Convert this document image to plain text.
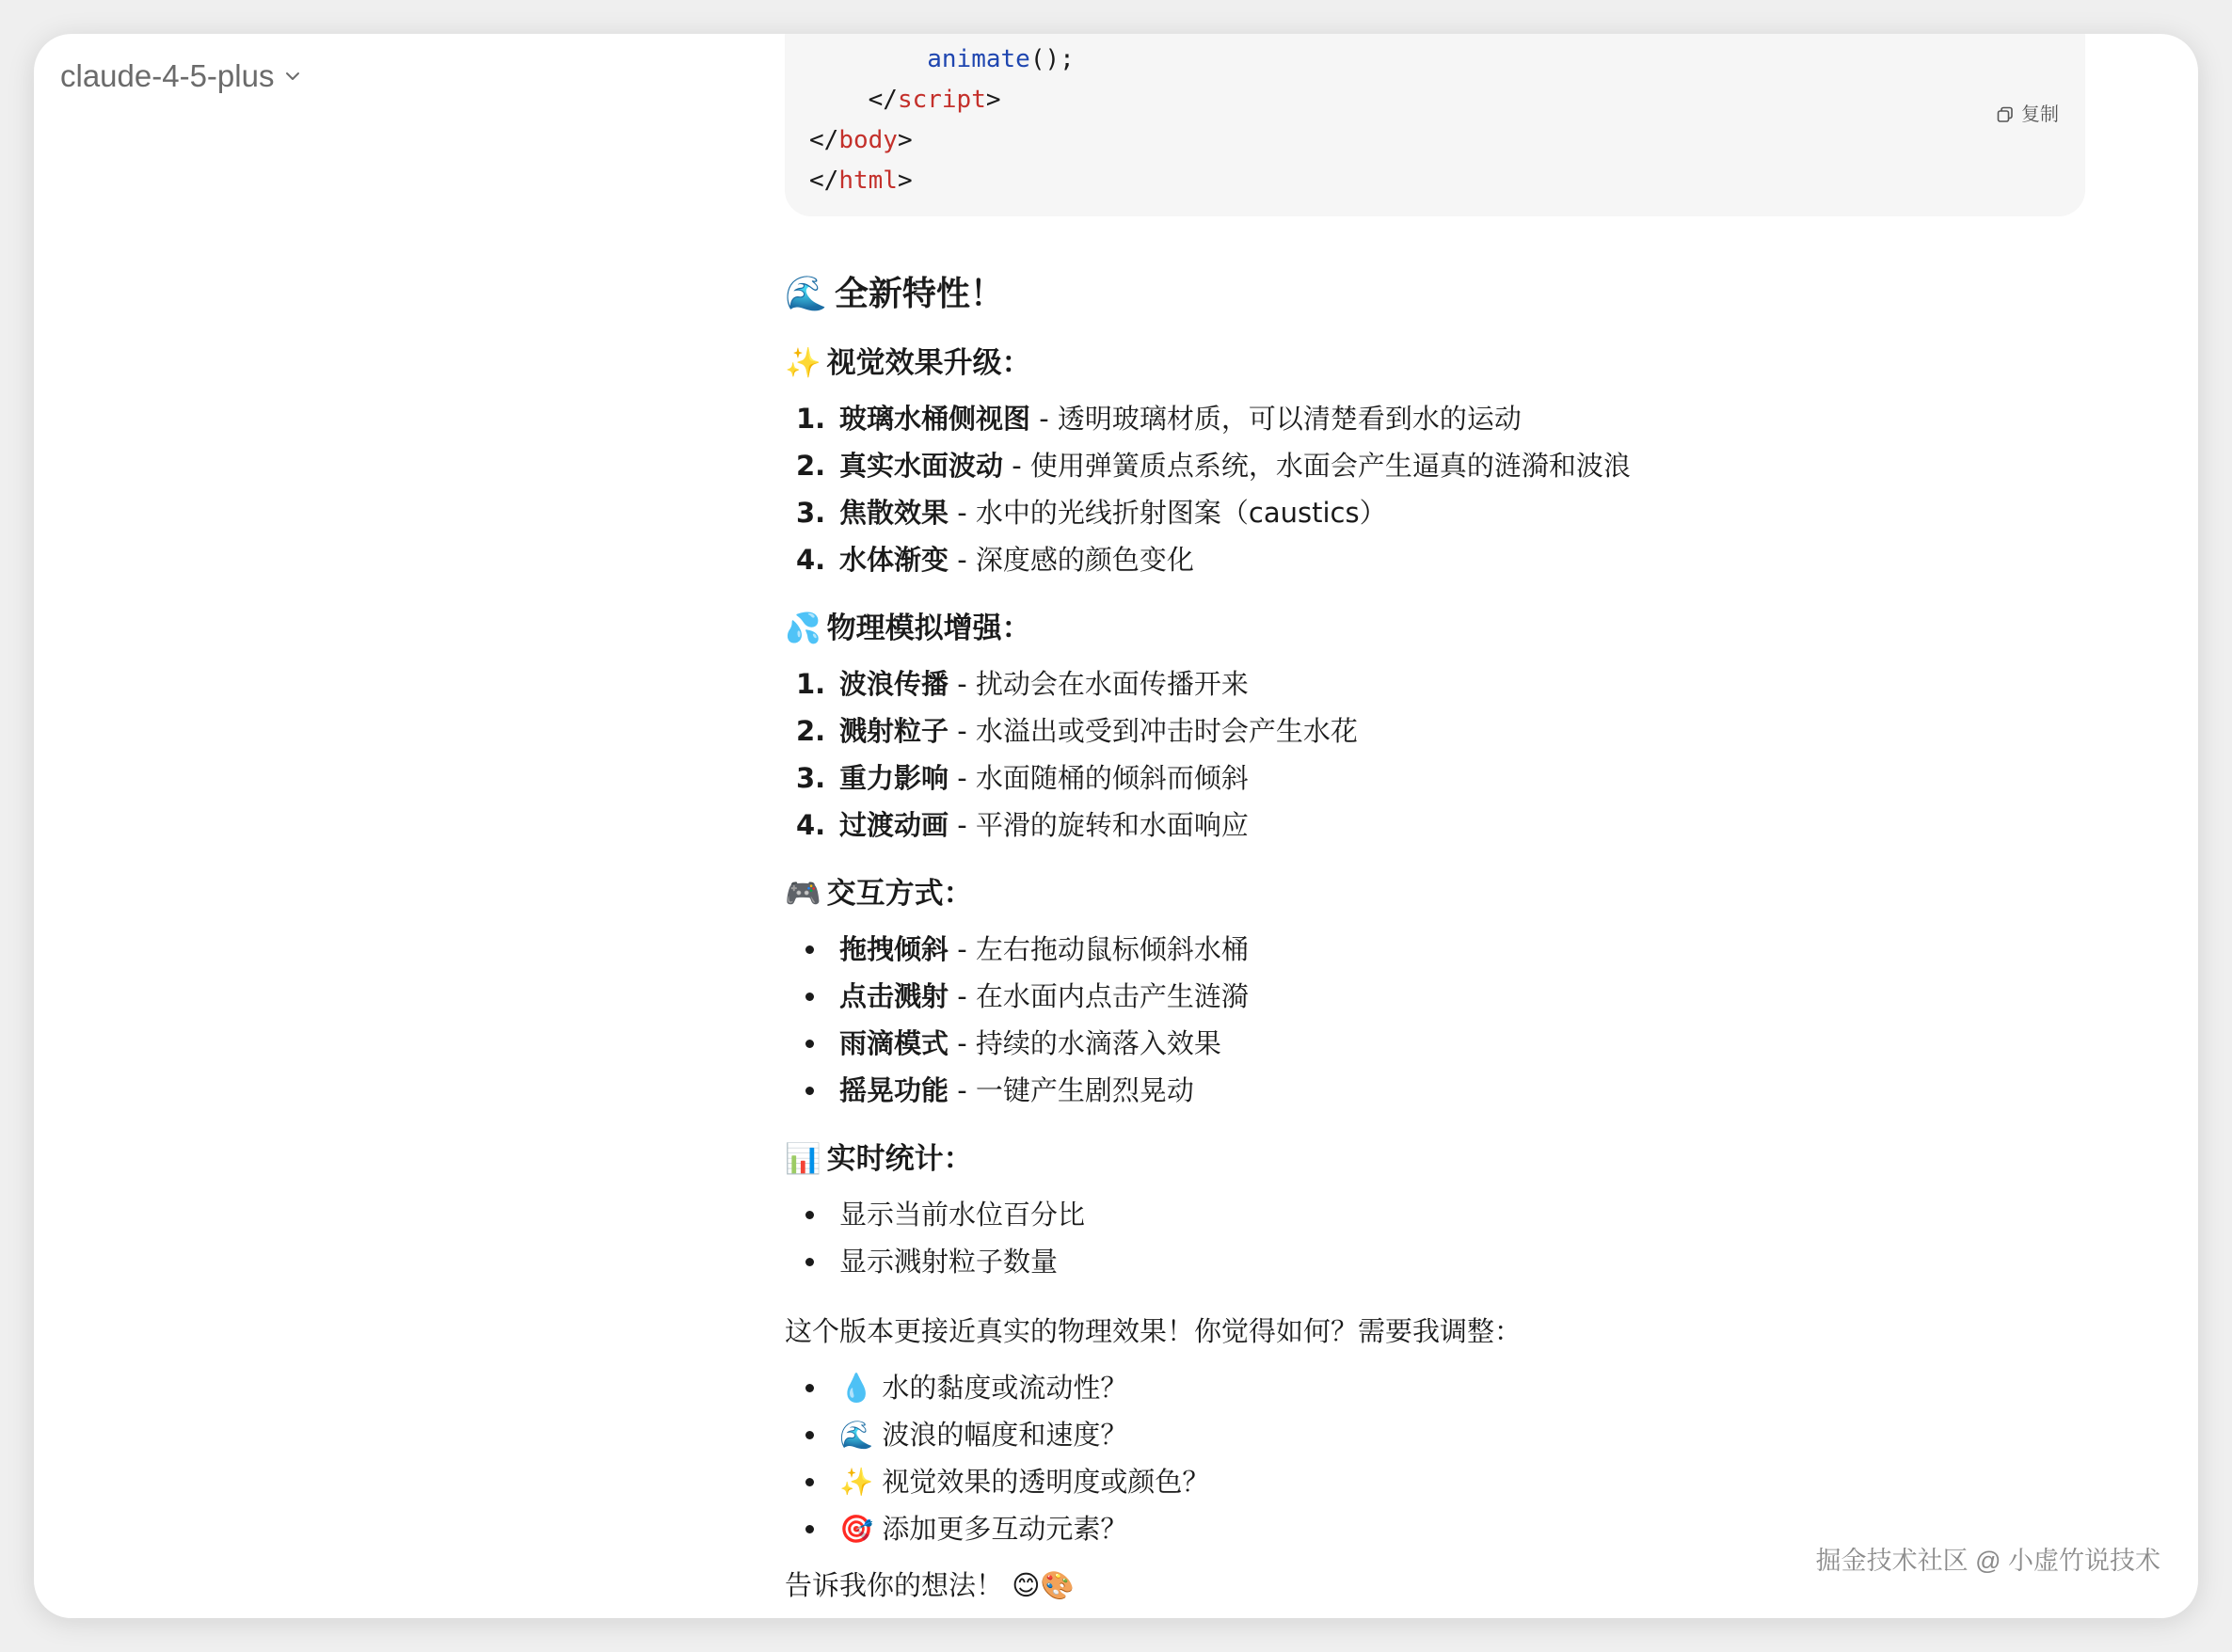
claude-4-5-plus	animate();
</script>
</body>
</html>
复制
🌊 全新特性！
✨ 视觉效果升级：
1. 玻璃水桶侧视图 - 透明玻璃材质，可以清楚看到水的运动
2. 真实水面波动 - 使用弹簧质点系统，水面会产生逼真的涟漪和波浪
3. 焦散效果 - 水中的光线折射图案（caustics）
4. 水体渐变 - 深度感的颜色变化
💦 物理模拟增强：
1. 波浪传播 - 扰动会在水面传播开来
2. 溅射粒子 - 水溢出或受到冲击时会产生水花
3. 重力影响 - 水面随桶的倾斜而倾斜
4. 过渡动画 - 平滑的旋转和水面响应
🎮 交互方式：
拖拽倾斜 - 左右拖动鼠标倾斜水桶
点击溅射 - 在水面内点击产生涟漪
雨滴模式 - 持续的水滴落入效果
摇晃功能 - 一键产生剧烈晃动
📊 实时统计：
显示当前水位百分比
显示溅射粒子数量
这个版本更接近真实的物理效果！你觉得如何？需要我调整：
💧 水的黏度或流动性？
🌊 波浪的幅度和速度？
✨ 视觉效果的透明度或颜色？
🎯 添加更多互动元素？
告诉我你的想法！ 😊🎨
掘金技术社区 @ 小虚竹说技术
